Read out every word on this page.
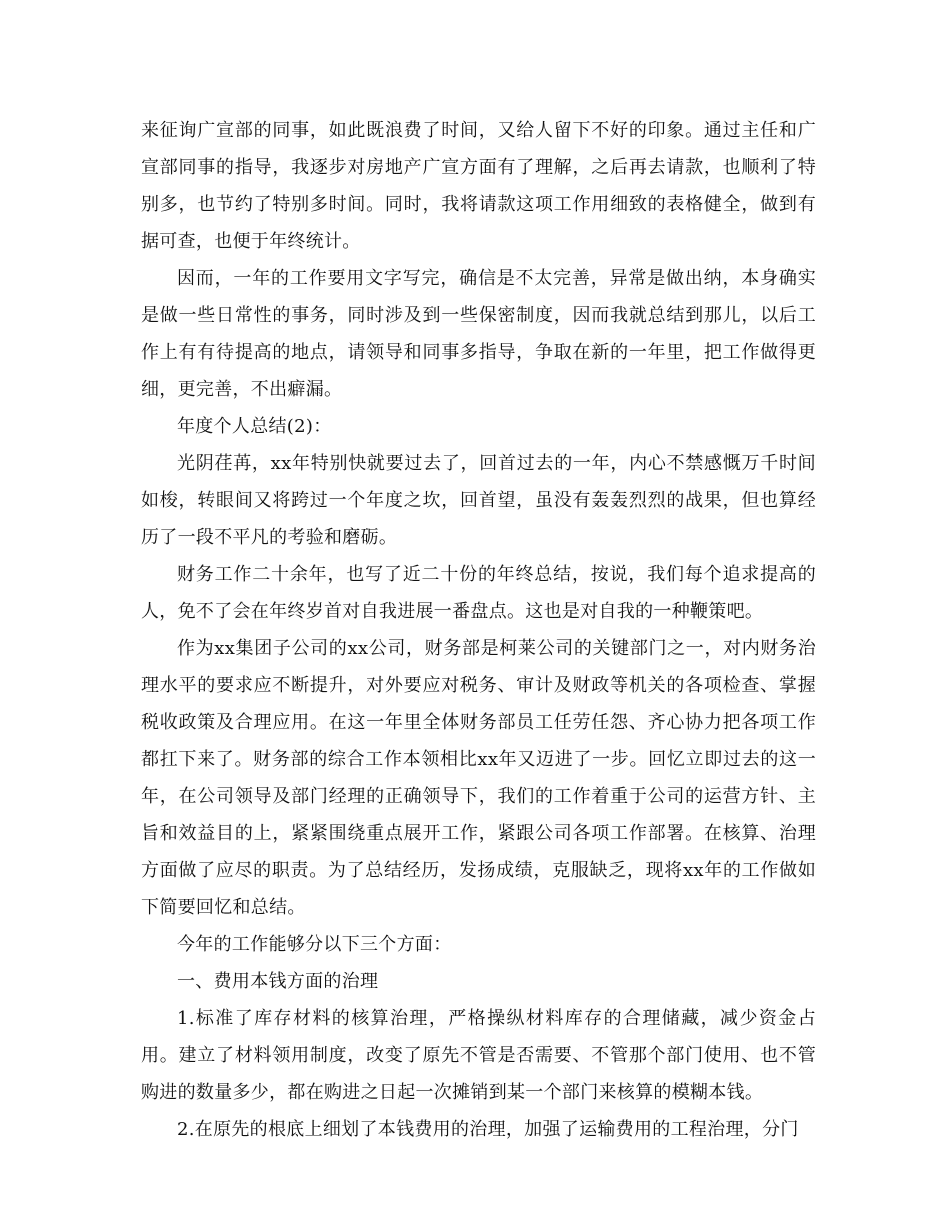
来征询广宣部的同事，如此既浪费了时间，又给人留下不好的印象。通过主任和广宣部同事的指导，我逐步对房地产广宣方面有了理解，之后再去请款，也顺利了特别多，也节约了特别多时间。同时，我将请款这项工作用细致的表格健全，做到有据可查，也便于年终统计。

因而，一年的工作要用文字写完，确信是不太完善，异常是做出纳，本身确实是做一些日常性的事务，同时涉及到一些保密制度，因而我就总结到那儿，以后工作上有有待提高的地点，请领导和同事多指导，争取在新的一年里，把工作做得更细，更完善，不出癖漏。

年度个人总结(2)：

光阴荏苒，xx年特别快就要过去了，回首过去的一年，内心不禁感慨万千时间如梭，转眼间又将跨过一个年度之坎，回首望，虽没有轰轰烈烈的战果，但也算经历了一段不平凡的考验和磨砺。

财务工作二十余年，也写了近二十份的年终总结，按说，我们每个追求提高的人，免不了会在年终岁首对自我进展一番盘点。这也是对自我的一种鞭策吧。

作为xx集团子公司的xx公司，财务部是柯莱公司的关键部门之一，对内财务治理水平的要求应不断提升，对外要应对税务、审计及财政等机关的各项检查、掌握税收政策及合理应用。在这一年里全体财务部员工任劳任怨、齐心协力把各项工作都扛下来了。财务部的综合工作本领相比xx年又迈进了一步。回忆立即过去的这一年，在公司领导及部门经理的正确领导下，我们的工作着重于公司的运营方针、主旨和效益目的上，紧紧围绕重点展开工作，紧跟公司各项工作部署。在核算、治理方面做了应尽的职责。为了总结经历，发扬成绩，克服缺乏，现将xx年的工作做如下简要回忆和总结。

今年的工作能够分以下三个方面：

一、费用本钱方面的治理

1.标准了库存材料的核算治理，严格操纵材料库存的合理储藏，减少资金占用。建立了材料领用制度，改变了原先不管是否需要、不管那个部门使用、也不管购进的数量多少，都在购进之日起一次摊销到某一个部门来核算的模糊本钱。

2.在原先的根底上细划了本钱费用的治理，加强了运输费用的工程治理，分门
